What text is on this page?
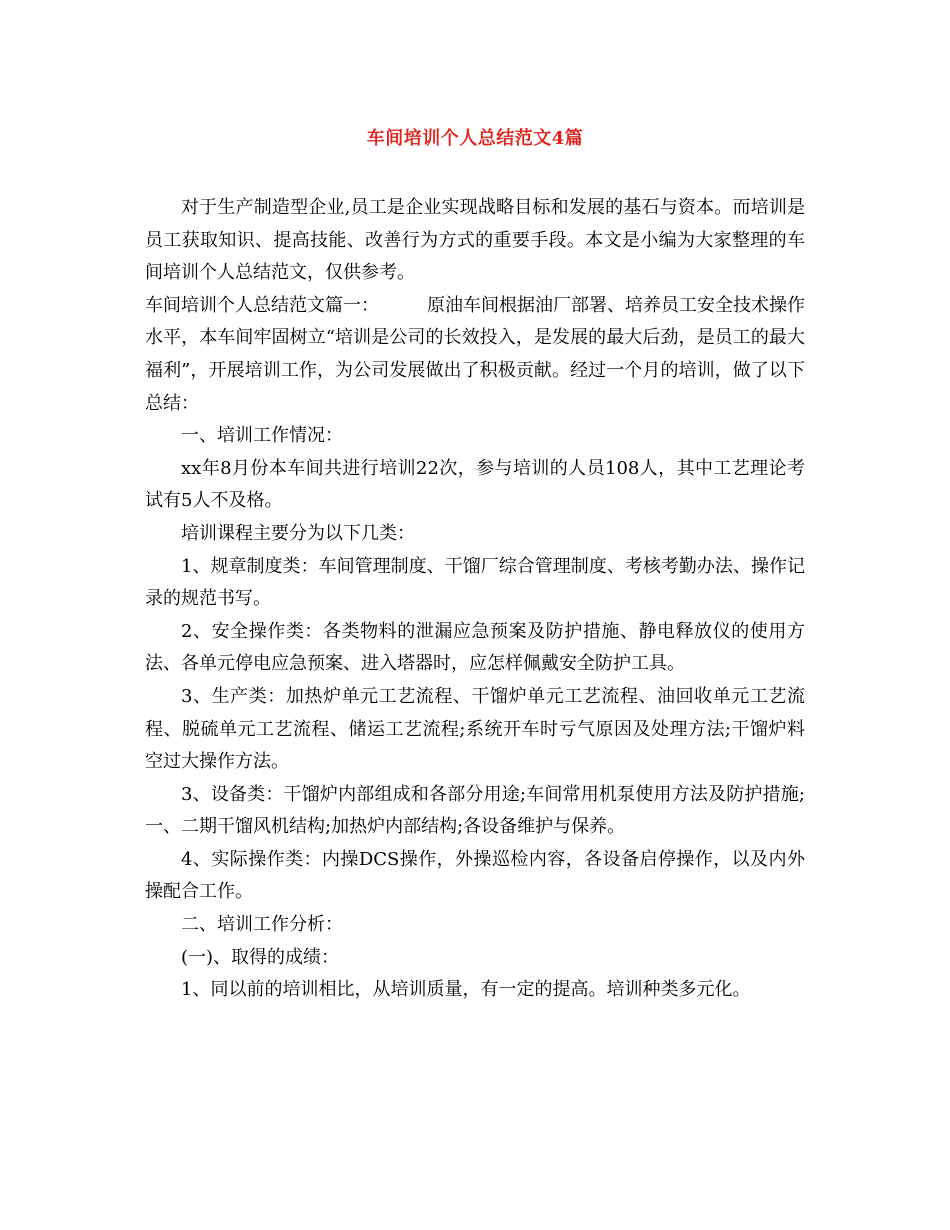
车间培训个人总结范文4篇

对于生产制造型企业,员工是企业实现战略目标和发展的基石与资本。而培训是员工获取知识、提高技能、改善行为方式的重要手段。本文是小编为大家整理的车间培训个人总结范文，仅供参考。

车间培训个人总结范文篇一：	原油车间根据油厂部署、培养员工安全技术操作水平，本车间牢固树立“培训是公司的长效投入，是发展的最大后劲，是员工的最大福利”，开展培训工作，为公司发展做出了积极贡献。经过一个月的培训，做了以下总结：

一、培训工作情况：

xx年8月份本车间共进行培训22次，参与培训的人员108人，其中工艺理论考试有5人不及格。

培训课程主要分为以下几类：

1、规章制度类：车间管理制度、干馏厂综合管理制度、考核考勤办法、操作记录的规范书写。

2、安全操作类：各类物料的泄漏应急预案及防护措施、静电释放仪的使用方法、各单元停电应急预案、进入塔器时，应怎样佩戴安全防护工具。

3、生产类：加热炉单元工艺流程、干馏炉单元工艺流程、油回收单元工艺流程、脱硫单元工艺流程、储运工艺流程;系统开车时亏气原因及处理方法;干馏炉料空过大操作方法。

3、设备类：干馏炉内部组成和各部分用途;车间常用机泵使用方法及防护措施;一、二期干馏风机结构;加热炉内部结构;各设备维护与保养。

4、实际操作类：内操DCS操作，外操巡检内容，各设备启停操作，以及内外操配合工作。

二、培训工作分析：

(一)、取得的成绩：

1、同以前的培训相比，从培训质量，有一定的提高。培训种类多元化。
